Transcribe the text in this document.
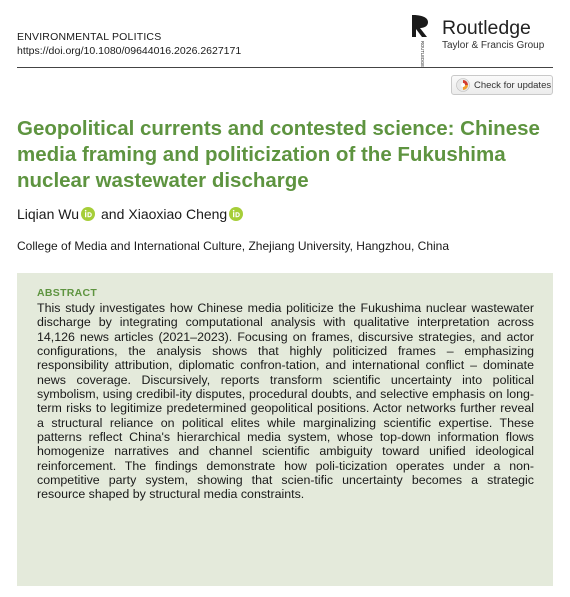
ENVIRONMENTAL POLITICS
https://doi.org/10.1080/09644016.2026.2627171	ROUTLEDGE
Routledge
Taylor & Francis Group
Check for updates
Geopolitical currents and contested science: Chinese media framing and politicization of the Fukushima nuclear wastewater discharge
Liqian Wu and Xiaoxiao Cheng
College of Media and International Culture, Zhejiang University, Hangzhou, China
ABSTRACT
This study investigates how Chinese media politicize the Fukushima nuclear wastewater discharge by integrating computational analysis with qualitative interpretation across 14,126 news articles (2021–2023). Focusing on frames, discursive strategies, and actor configurations, the analysis shows that highly politicized frames – emphasizing responsibility attribution, diplomatic confron-tation, and international conflict – dominate news coverage. Discursively, reports transform scientific uncertainty into political symbolism, using credibil-ity disputes, procedural doubts, and selective emphasis on long-term risks to legitimize predetermined geopolitical positions. Actor networks further reveal a structural reliance on political elites while marginalizing scientific expertise. These patterns reflect China's hierarchical media system, whose top-down information flows homogenize narratives and channel scientific ambiguity toward unified ideological reinforcement. The findings demonstrate how poli-ticization operates under a non-competitive party system, showing that scien-tific uncertainty becomes a strategic resource shaped by structural media constraints.
